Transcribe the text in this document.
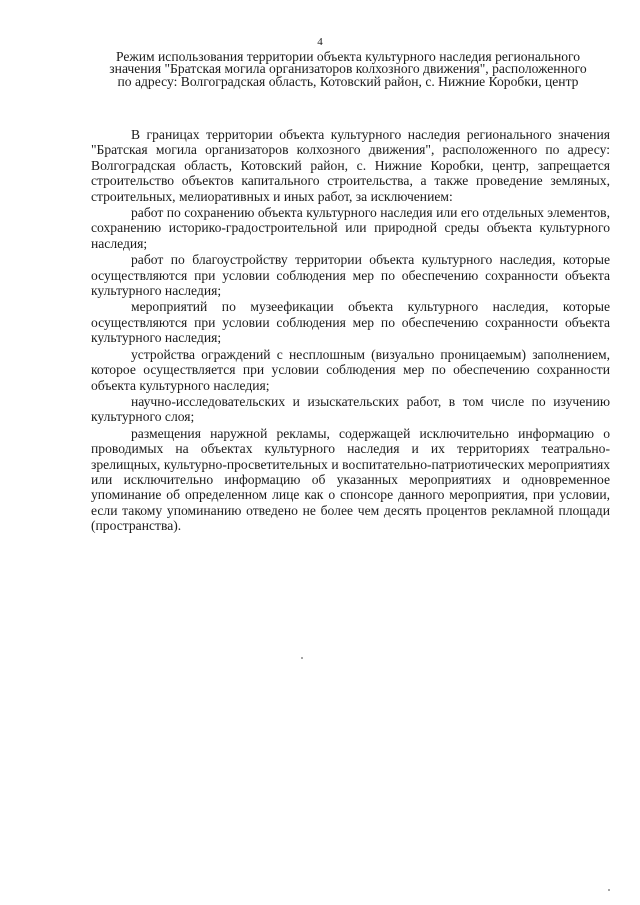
4
Режим использования территории объекта культурного наследия регионального значения "Братская могила организаторов колхозного движения", расположенного по адресу: Волгоградская область, Котовский район, с. Нижние Коробки, центр

В границах территории объекта культурного наследия регионального значения "Братская могила организаторов колхозного движения", расположенного по адресу: Волгоградская область, Котовский район, с. Нижние Коробки, центр, запрещается строительство объектов капитального строительства, а также проведение земляных, строительных, мелиоративных и иных работ, за исключением:

работ по сохранению объекта культурного наследия или его отдельных элементов, сохранению историко-градостроительной или природной среды объекта культурного наследия;

работ по благоустройству территории объекта культурного наследия, которые осуществляются при условии соблюдения мер по обеспечению сохранности объекта культурного наследия;

мероприятий по музеефикации объекта культурного наследия, которые осуществляются при условии соблюдения мер по обеспечению сохранности объекта культурного наследия;

устройства ограждений с несплошным (визуально проницаемым) заполнением, которое осуществляется при условии соблюдения мер по обеспечению сохранности объекта культурного наследия;

научно-исследовательских и изыскательских работ, в том числе по изучению культурного слоя;

размещения наружной рекламы, содержащей исключительно информацию о проводимых на объектах культурного наследия и их территориях театрально-зрелищных, культурно-просветительных и воспитательно-патриотических мероприятиях или исключительно информацию об указанных мероприятиях и одновременное упоминание об определенном лице как о спонсоре данного мероприятия, при условии, если такому упоминанию отведено не более чем десять процентов рекламной площади (пространства).
